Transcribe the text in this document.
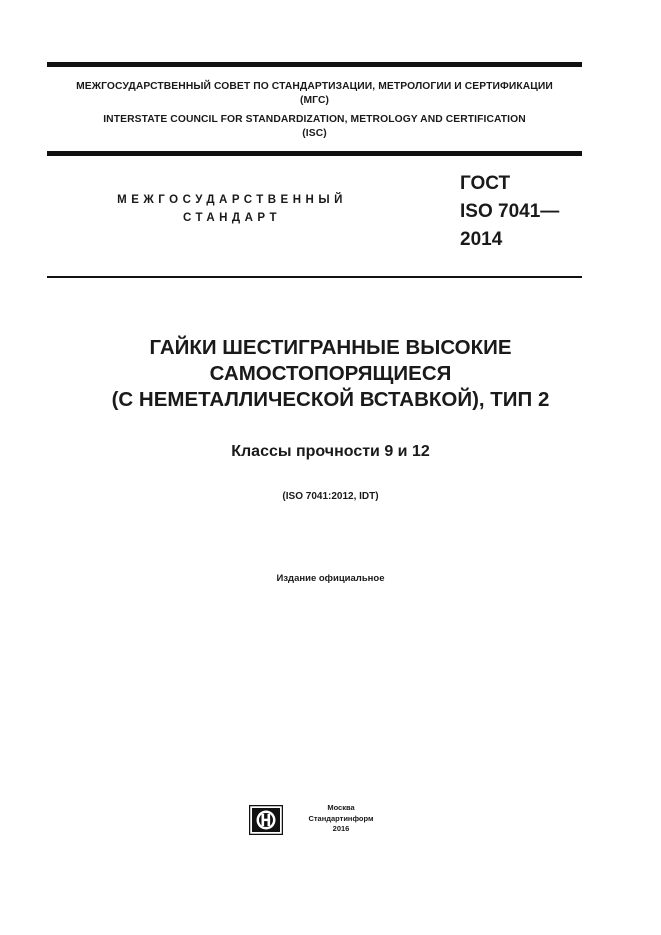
МЕЖГОСУДАРСТВЕННЫЙ СОВЕТ ПО СТАНДАРТИЗАЦИИ, МЕТРОЛОГИИ И СЕРТИФИКАЦИИ
(МГС)
INTERSTATE COUNCIL FOR STANDARDIZATION, METROLOGY AND CERTIFICATION
(ISC)
МЕЖГОСУДАРСТВЕННЫЙ
СТАНДАРТ
ГОСТ
ISO 7041—
2014
ГАЙКИ ШЕСТИГРАННЫЕ ВЫСОКИЕ
САМОСТОПОРЯЩИЕСЯ
(С НЕМЕТАЛЛИЧЕСКОЙ ВСТАВКОЙ), ТИП 2
Классы прочности 9 и 12
(ISO 7041:2012, IDT)
Издание официальное
Москва
Стандартинформ
2016
